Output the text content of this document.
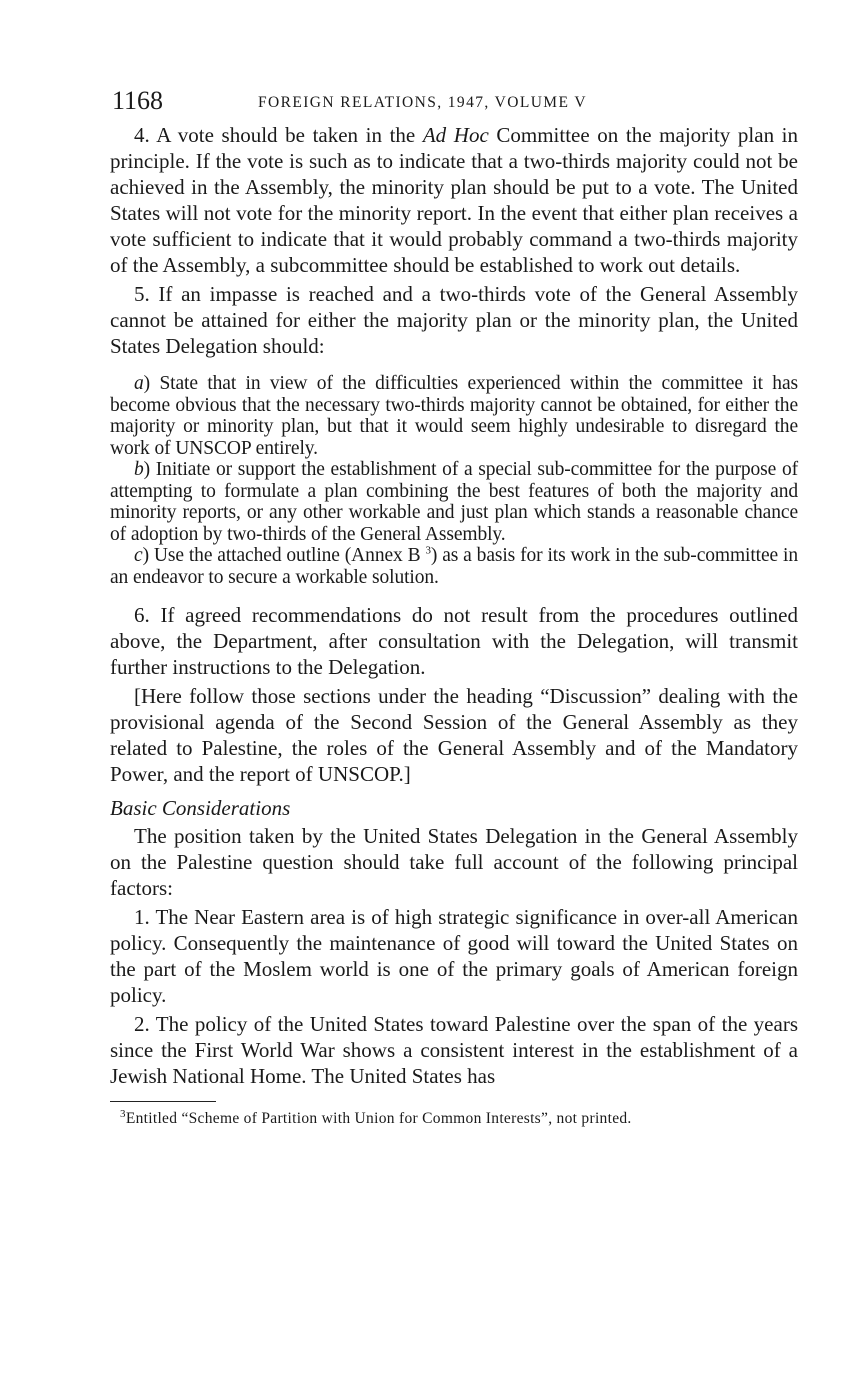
1168	FOREIGN RELATIONS, 1947, VOLUME V

4. A vote should be taken in the Ad Hoc Committee on the majority plan in principle. If the vote is such as to indicate that a two-thirds majority could not be achieved in the Assembly, the minority plan should be put to a vote. The United States will not vote for the minority report. In the event that either plan receives a vote sufficient to indicate that it would probably command a two-thirds majority of the Assembly, a subcommittee should be established to work out details.

5. If an impasse is reached and a two-thirds vote of the General Assembly cannot be attained for either the majority plan or the minority plan, the United States Delegation should:

a) State that in view of the difficulties experienced within the committee it has become obvious that the necessary two-thirds majority cannot be obtained, for either the majority or minority plan, but that it would seem highly undesirable to disregard the work of UNSCOP entirely.

b) Initiate or support the establishment of a special sub-committee for the purpose of attempting to formulate a plan combining the best features of both the majority and minority reports, or any other workable and just plan which stands a reasonable chance of adoption by two-thirds of the General Assembly.

c) Use the attached outline (Annex B $^3$) as a basis for its work in the sub-committee in an endeavor to secure a workable solution.

6. If agreed recommendations do not result from the procedures outlined above, the Department, after consultation with the Delegation, will transmit further instructions to the Delegation.

[Here follow those sections under the heading “Discussion” dealing with the provisional agenda of the Second Session of the General Assembly as they related to Palestine, the roles of the General Assembly and of the Mandatory Power, and the report of UNSCOP.]

Basic Considerations

The position taken by the United States Delegation in the General Assembly on the Palestine question should take full account of the following principal factors:

1. The Near Eastern area is of high strategic significance in over-all American policy. Consequently the maintenance of good will toward the United States on the part of the Moslem world is one of the primary goals of American foreign policy.

2. The policy of the United States toward Palestine over the span of the years since the First World War shows a consistent interest in the establishment of a Jewish National Home. The United States has

$^3$Entitled “Scheme of Partition with Union for Common Interests”, not printed.
